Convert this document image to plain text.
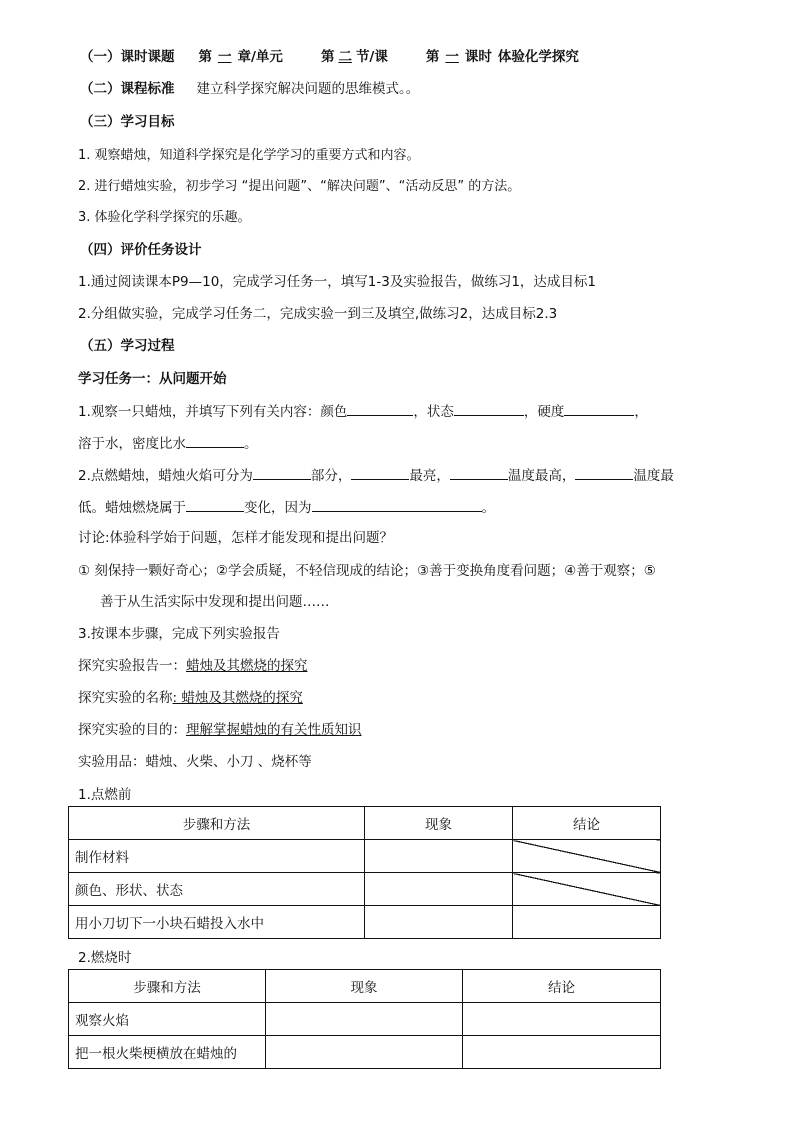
（一）课时课题 第 一 章/单元	第 二 节/课	第 一 课时 体验化学探究
（二）课程标准 建立科学探究解决问题的思维模式。。
（三）学习目标
1. 观察蜡烛，知道科学探究是化学学习的重要方式和内容。
2. 进行蜡烛实验，初步学习 “提出问题”、“解决问题”、“活动反思” 的方法。
3. 体验化学科学探究的乐趣。
（四）评价任务设计
1.通过阅读课本P9—10，完成学习任务一，填写1-3及实验报告，做练习1，达成目标1
2.分组做实验，完成学习任务二，完成实验一到三及填空,做练习2，达成目标2.3
（五）学习过程
学习任务一：从问题开始
1.观察一只蜡烛，并填写下列有关内容：颜色	，状态	，硬度	，
溶于水，密度比水	。
2.点燃蜡烛，蜡烛火焰可分为	部分，	最亮，	温度最高，	温度最
低。蜡烛燃烧属于	变化，因为	。
讨论:体验科学始于问题，怎样才能发现和提出问题？
① 刻保持一颗好奇心；②学会质疑，不轻信现成的结论；③善于变换角度看问题；④善于观察；⑤
善于从生活实际中发现和提出问题……
3.按课本步骤，完成下列实验报告
探究实验报告一：蜡烛及其燃烧的探究
探究实验的名称: 蜡烛及其燃烧的探究
探究实验的目的：理解掌握蜡烛的有关性质知识
实验用品：蜡烛、火柴、小刀 、烧杯等
1.点燃前
步骤和方法	现象	结论
制作材料		
颜色、形状、状态		
用小刀切下一小块石蜡投入水中		
2.燃烧时
步骤和方法	现象	结论
观察火焰		
把一根火柴梗横放在蜡烛的		
